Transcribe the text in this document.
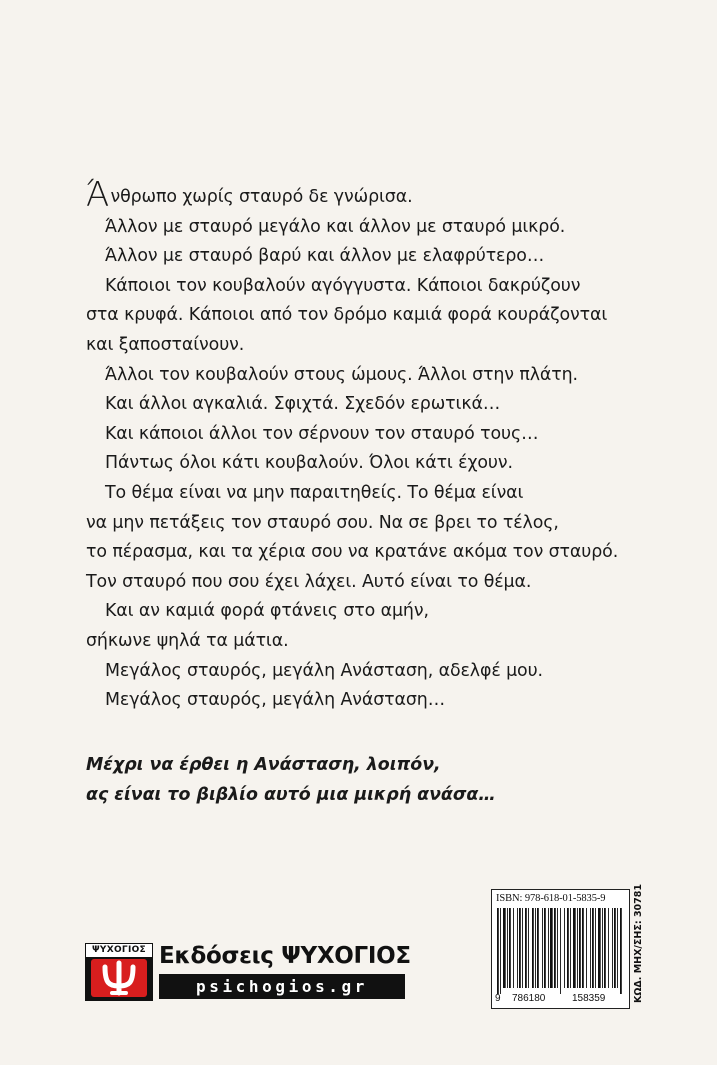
Άνθρωπο χωρίς σταυρό δε γνώρισα.
Άλλον με σταυρό μεγάλο και άλλον με σταυρό μικρό.
Άλλον με σταυρό βαρύ και άλλον με ελαφρύτερο…
Κάποιοι τον κουβαλούν αγόγγυστα. Κάποιοι δακρύζουν
στα κρυφά. Κάποιοι από τον δρόμο καμιά φορά κουράζονται
και ξαποσταίνουν.
Άλλοι τον κουβαλούν στους ώμους. Άλλοι στην πλάτη.
Και άλλοι αγκαλιά. Σφιχτά. Σχεδόν ερωτικά…
Και κάποιοι άλλοι τον σέρνουν τον σταυρό τους…
Πάντως όλοι κάτι κουβαλούν. Όλοι κάτι έχουν.
Το θέμα είναι να μην παραιτηθείς. Το θέμα είναι
να μην πετάξεις τον σταυρό σου. Να σε βρει το τέλος,
το πέρασμα, και τα χέρια σου να κρατάνε ακόμα τον σταυρό.
Τον σταυρό που σου έχει λάχει. Αυτό είναι το θέμα.
Και αν καμιά φορά φτάνεις στο αμήν,
σήκωνε ψηλά τα μάτια.
Μεγάλος σταυρός, μεγάλη Ανάσταση, αδελφέ μου.
Μεγάλος σταυρός, μεγάλη Ανάσταση…
Μέχρι να έρθει η Ανάσταση, λοιπόν,
ας είναι το βιβλίο αυτό μια μικρή ανάσα…
ΨΥΧΟΓΙΟΣ Εκδόσεις ΨΥΧΟΓΙΟΣ
psichogios.gr
ISBN: 978-618-01-5835-9
9 786180	158359	ΚΩΔ. ΜΗΧ/ΣΗΣ: 30781
